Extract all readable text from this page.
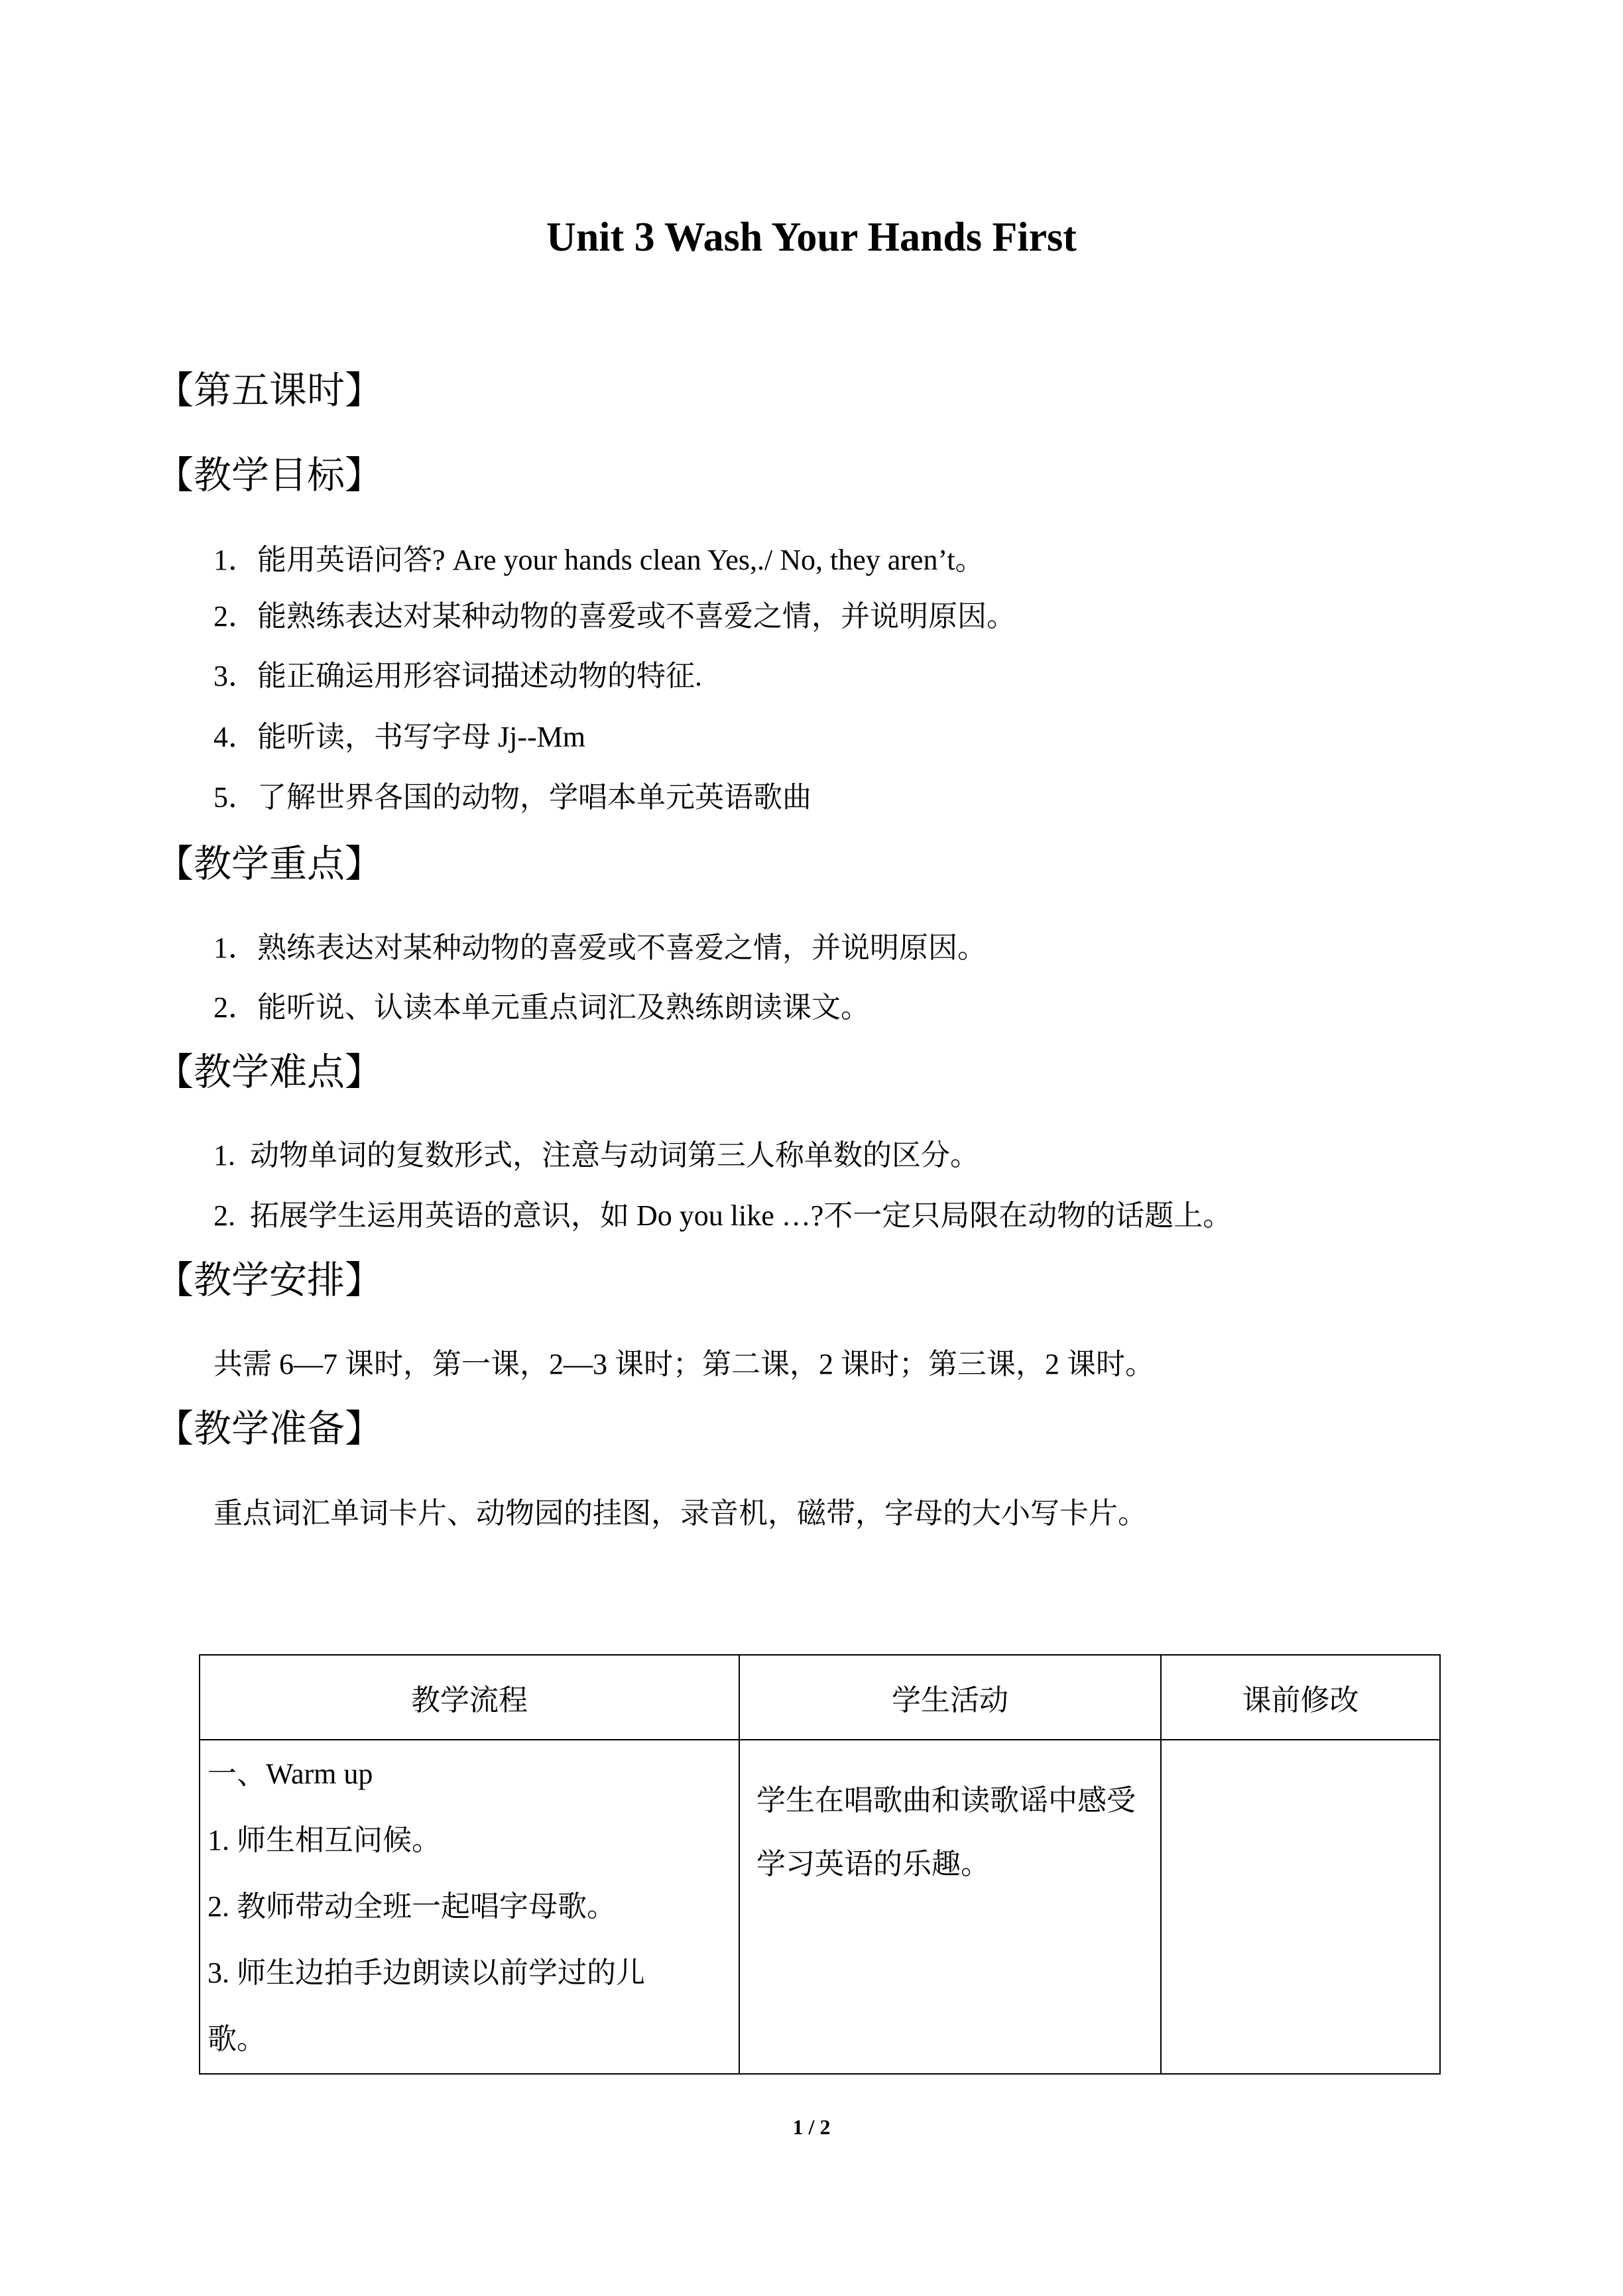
Unit 3 Wash Your Hands First
【第五课时】
【教学目标】
1．能用英语问答? Are your hands clean Yes,./ No, they aren’t。
2．能熟练表达对某种动物的喜爱或不喜爱之情，并说明原因。
3．能正确运用形容词描述动物的特征.
4．能听读，书写字母 Jj--Mm
5．了解世界各国的动物，学唱本单元英语歌曲
【教学重点】
1．熟练表达对某种动物的喜爱或不喜爱之情，并说明原因。
2．能听说、认读本单元重点词汇及熟练朗读课文。
【教学难点】
1.  动物单词的复数形式，注意与动词第三人称单数的区分。
2.  拓展学生运用英语的意识，如 Do you like …?不一定只局限在动物的话题上。
【教学安排】
共需 6—7 课时，第一课，2—3 课时；第二课，2 课时；第三课，2 课时。
【教学准备】
重点词汇单词卡片、动物园的挂图，录音机，磁带，字母的大小写卡片。
教学流程	学生活动	课前修改

一、Warm up
1. 师生相互问候。
2. 教师带动全班一起唱字母歌。
3. 师生边拍手边朗读以前学过的儿
歌。	学生在唱歌曲和读歌谣中感受学习英语的乐趣。	

1 / 2
